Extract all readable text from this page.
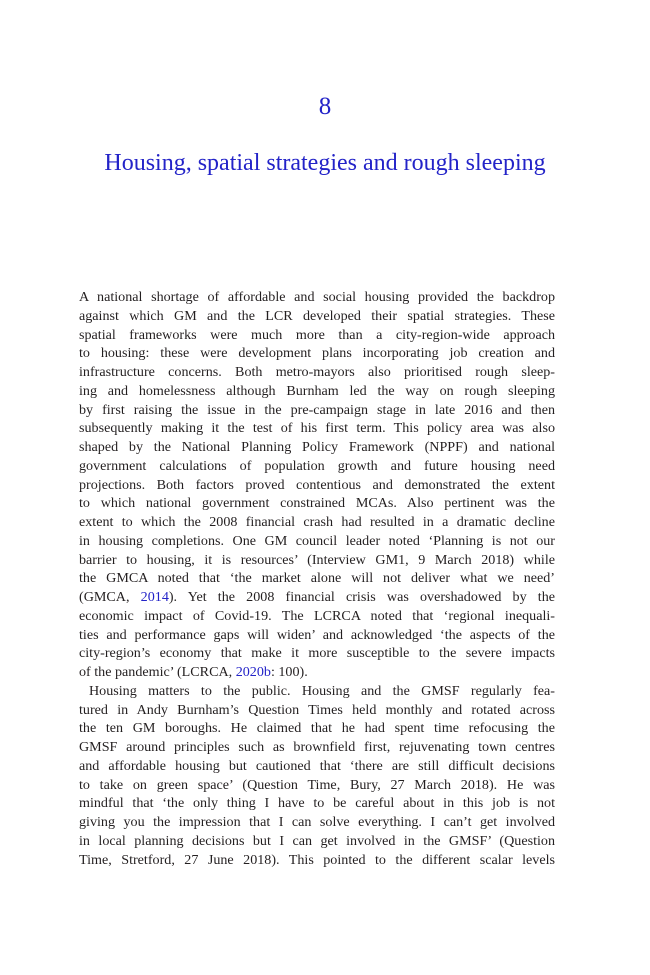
8
Housing, spatial strategies and rough sleeping
A national shortage of affordable and social housing provided the backdrop
against which GM and the LCR developed their spatial strategies. These
spatial frameworks were much more than a city-region-wide approach
to housing: these were development plans incorporating job creation and
infrastructure concerns. Both metro-mayors also prioritised rough sleep-
ing and homelessness although Burnham led the way on rough sleeping
by first raising the issue in the pre-campaign stage in late 2016 and then
subsequently making it the test of his first term. This policy area was also
shaped by the National Planning Policy Framework (NPPF) and national
government calculations of population growth and future housing need
projections. Both factors proved contentious and demonstrated the extent
to which national government constrained MCAs. Also pertinent was the
extent to which the 2008 financial crash had resulted in a dramatic decline
in housing completions. One GM council leader noted ‘Planning is not our
barrier to housing, it is resources’ (Interview GM1, 9 March 2018) while
the GMCA noted that ‘the market alone will not deliver what we need’
(GMCA, 2014). Yet the 2008 financial crisis was overshadowed by the
economic impact of Covid-19. The LCRCA noted that ‘regional inequali-
ties and performance gaps will widen’ and acknowledged ‘the aspects of the
city-region’s economy that make it more susceptible to the severe impacts
of the pandemic’ (LCRCA, 2020b: 100).
Housing matters to the public. Housing and the GMSF regularly fea-
tured in Andy Burnham’s Question Times held monthly and rotated across
the ten GM boroughs. He claimed that he had spent time refocusing the
GMSF around principles such as brownfield first, rejuvenating town centres
and affordable housing but cautioned that ‘there are still difficult decisions
to take on green space’ (Question Time, Bury, 27 March 2018). He was
mindful that ‘the only thing I have to be careful about in this job is not
giving you the impression that I can solve everything. I can’t get involved
in local planning decisions but I can get involved in the GMSF’ (Question
Time, Stretford, 27 June 2018). This pointed to the different scalar levels
